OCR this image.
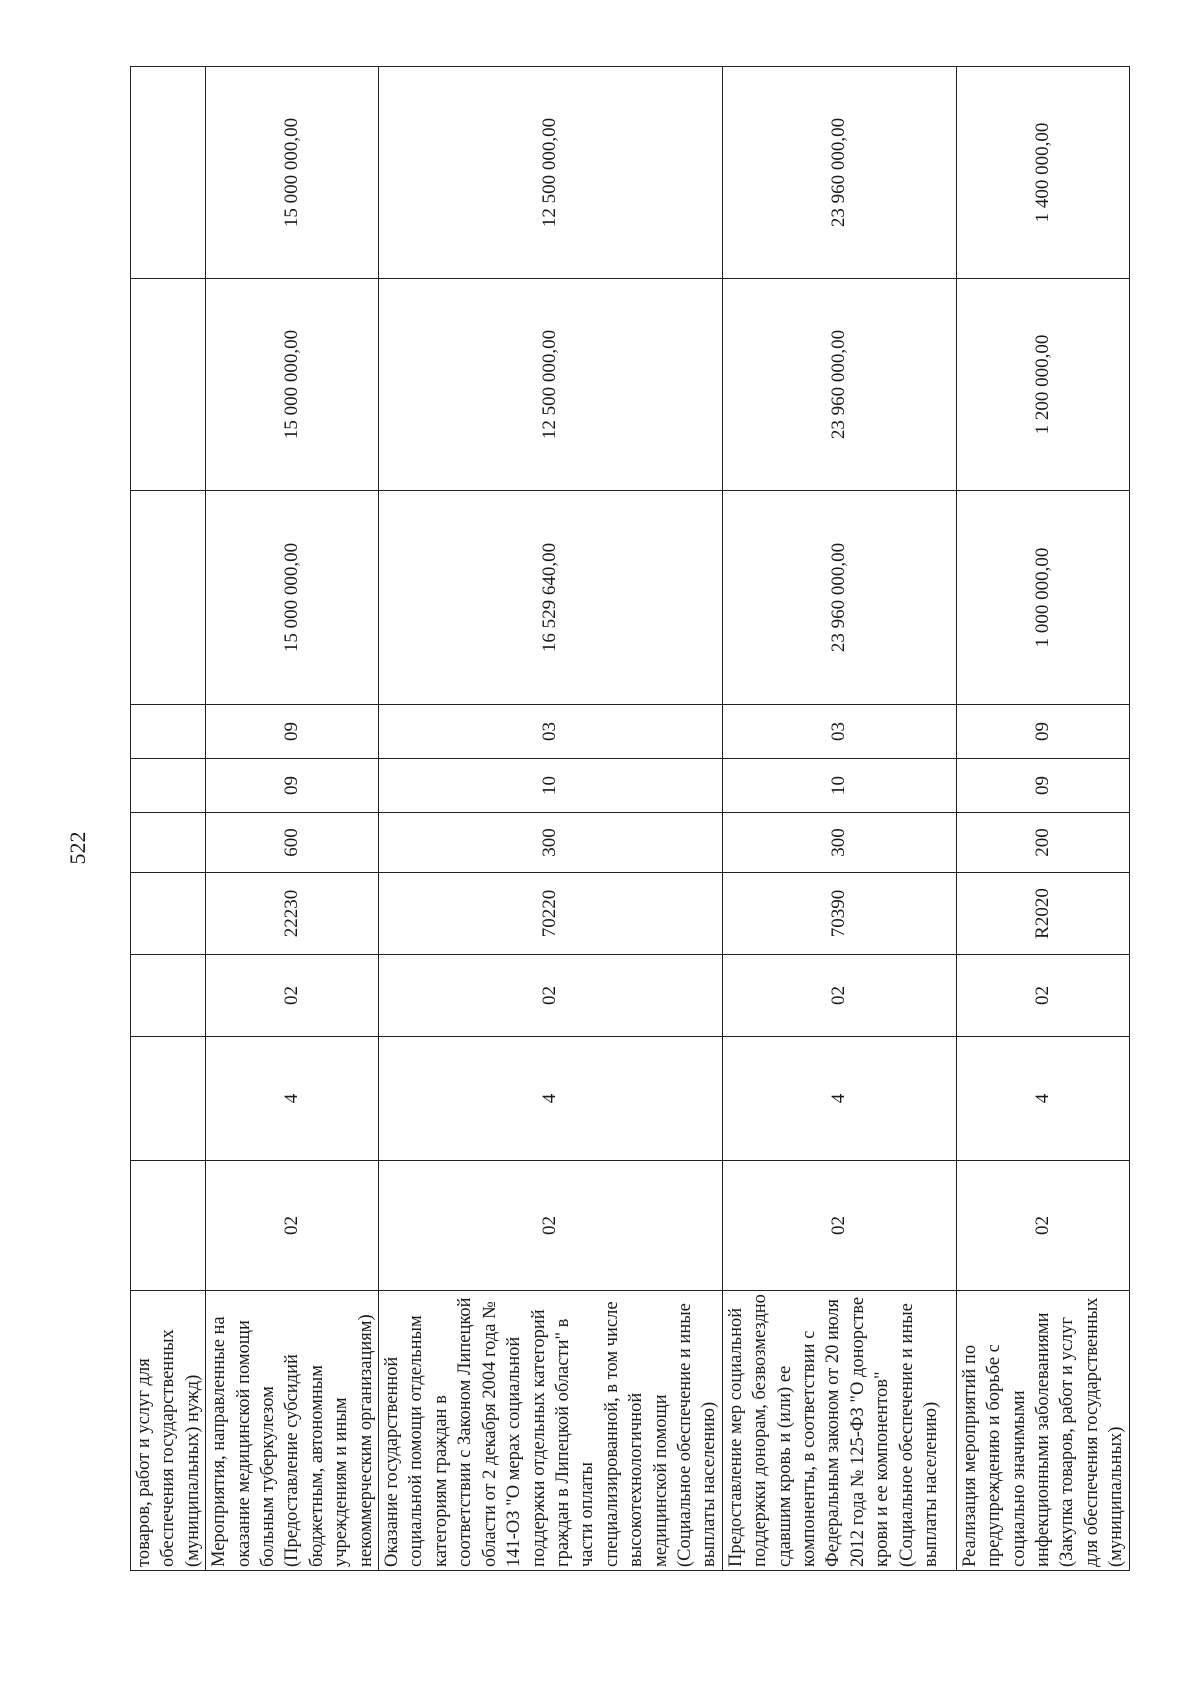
522
товаров, работ и услуг для обеспечения государственных (муниципальных) нужд)										
Мероприятия, направленные на оказание медицинской помощи больным туберкулезом (Предоставление субсидий бюджетным, автономным учреждениям и иным некоммерческим организациям)	02	4	02	22230	600	09	09	15 000 000,00	15 000 000,00	15 000 000,00
Оказание государственной социальной помощи отдельным категориям граждан в соответствии с Законом Липецкой области от 2 декабря 2004 года № 141-ОЗ "О мерах социальной поддержки отдельных категорий граждан в Липецкой области" в части оплаты специализированной, в том числе высокотехнологичной медицинской помощи (Социальное обеспечение и иные выплаты населению)	02	4	02	70220	300	10	03	16 529 640,00	12 500 000,00	12 500 000,00
Предоставление мер социальной поддержки донорам, безвозмездно сдавшим кровь и (или) ее компоненты, в соответствии с Федеральным законом от 20 июля 2012 года № 125-ФЗ "О донорстве крови и ее компонентов" (Социальное обеспечение и иные выплаты населению)	02	4	02	70390	300	10	03	23 960 000,00	23 960 000,00	23 960 000,00
Реализация мероприятий по предупреждению и борьбе с социально значимыми инфекционными заболеваниями (Закупка товаров, работ и услуг для обеспечения государственных (муниципальных)	02	4	02	R2020	200	09	09	1 000 000,00	1 200 000,00	1 400 000,00
